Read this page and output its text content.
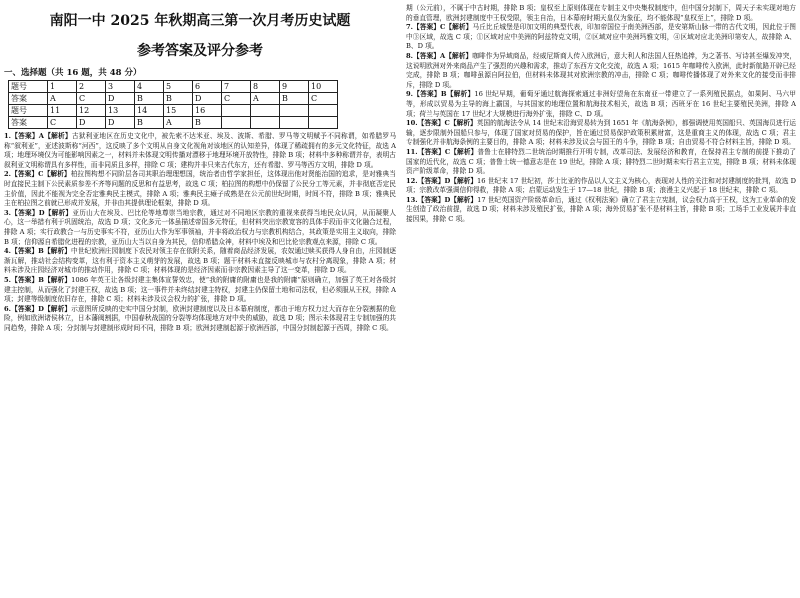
南阳一中 2025 年秋期高三第一次月考历史试题
参考答案及评分参考
一、选择题（共 16 题，共 48 分）
题号	1	2	3	4	5	6	7	8	9	10
答案	A	C	D	B	B	D	C	A	B	C
题号	11	12	13	14	15	16				
答案	C	D	D	B	A	B				

1.【答案】A【解析】古狱利亚地区在历史文化中，被先索不达米亚、埃及、波斯、希腊、罗马等文明赋予不同称谓，如希腊罗马称“叙利亚”，亚述波斯称“河西”，这反映了多个文明从自身文化视角对该地区的认知差异，体现了稀疏拥有的多元文化特征，故选 A 项；地理环境仅为可能影响因素之一，材料并未体现文明传播对漂移于地理环境开放特性，排除 B 项；材料中多种称谓并存，表明古叙利亚文明称谓具有多样性，而非同质且多样，排除 C 项；建构并非只来古代东方，还有希腊、罗马等西方文明，排除 D 项。

2.【答案】C【解析】柏拉图构想不同阶层各司其职治理理想国，统治者由哲学家担任，这体现出他对贤能治国的追求，是对雅典当时直接民主制下公民素质参差不齐等问题的反思和有益思考，故选 C 项；柏拉图的构想中仍保留了公民分工等元素，并非彻底否定民主价值，因此不能视为完全否定雅典民主模式，排除 A 项；雅典民主瘫子成熟是在公元前世纪时期，时间不符，排除 B 项；雅典民主在柏拉图之前就已形成并发展，并非由其提供理论框架，排除 D 项。

3.【答案】D【解析】亚历山大在埃及、巴比伦等地尊崇当地宗教，通过对不同地区宗教的重视来获得当地民众认同，从而凝聚人心，这一举措有利于巩固统治，故选 D 项；文化多元一体虽描述帝国多元特征，但材料突出宗教宽容的具体手段而非文化融合过程，排除 A 项；实行政教合一与历史事实不符，亚历山大作为军事领袖，并非将政治权力与宗教机构结合，其政策是实用主义取向，排除 B 项；信仰源自希腊化进程的宗教，亚历山大当以自身为其民，信仰希腊众神，材料中埃及和巴比伦宗教观点来源，排除 C 项。

4.【答案】B【解析】中世纪欧洲庄园制度下农民对领主存在依附关系，随着商品经济发展，农奴通过赎买获得人身自由，庄园制逐渐瓦解，推动社会结构变革，这有利于资本主义萌芽的发展，故选 B 项；题干材料未直接反映城市与农村分离现象，排除 A 项；材料未涉及庄园经济对城市的推动作用，排除 C 项；材料体现的是经济因素而非宗教因素主导了这一变革，排除 D 项。

5.【答案】B【解析】1086 年英王让各级封建主集体宣誓效忠，使“我的附庸的附庸也是我的附庸”原则确立，加强了英王对各级封建主控制，从而强化了封建王权，故选 B 项；这一事件并未终结封建主特权，封建主仍保留土地和司法权，但必须服从王权，排除 A 项；封建等级制度依旧存在，排除 C 项；材料未涉及议会权力的扩张，排除 D 项。

6.【答案】D【解析】示意图所反映的史实中国分封制，欧洲封建制度以及日本幕府制度，都由于地方权力过大而存在分裂割据的危险，例如欧洲诸侯林立，日本藩阀割据，中国春秋战国的分裂等均体现地方对中央的威胁，故选 D 项；图示未体现君主专制加强的共同趋势，排除 A 项；分封制与封建制形成时间不同，排除 B 项；欧洲封建制起源于欧洲西部，中国分封制起源于西周，排除 C 项。

期（公元前），不属于中古时期，排除 B 项；皇权至上原则体现在专制主义中央集权制度中，但中国分封制下，周天子未实现对地方的垂直管理，欧洲封建制度中王权受限，领主自治，日本幕府时期天皇仅为象征，均不能体现“皇权至上”，排除 D 项。

7.【答案】C【解析】马丘比丘城堡是印加文明的典型代表，印加帝国位于南美洲西部，是安第斯山脉一带的古代文明，因此位于图中③区域，故选 C 项；①区域对应中美洲的阿兹特克文明，②区域对应中美洲玛雅文明，④区域对应北美洲印第安人，故排除 A、B、D 项。

8.【答案】A【解析】咖啡作为异域商品，经威尼斯商人传入欧洲后，意大利人和法国人狂热追捧，为之著书、写诗甚至爆发冲突，这说明欧洲对外来商品产生了强烈的兴趣和需求，推动了东西方文化交流，故选 A 项；1615 年咖啡传入欧洲，此时新航路开辟已经完成，排除 B 项；咖啡虽源自阿拉伯，但材料未体现其对欧洲宗教的冲击，排除 C 项；咖啡传播体现了对外来文化的接受而非排斥，排除 D 项。

9.【答案】B【解析】16 世纪早期，葡萄牙通过航海探索通过非洲好望角在东南亚一带建立了一系列殖民据点，如果阿、马六甲等，形成以贸易为主导的海上霸国，与其国家的地理位置和航海技术相关，故选 B 项；西班牙在 16 世纪主要殖民美洲，排除 A 项；荷兰与英国在 17 世纪才大规模进行海外扩张，排除 C、D 项。

10.【答案】C【解析】英国的航海法令从 14 世纪末沿海贸易转为到 1651 年《航海条例》，都强调使用英国船只、英国海员进行运输，逐步限制外国船只参与，体现了国家对贸易的保护，旨在通过贸易保护政策积累财富，这是重商主义的体现，故选 C 项；君主专制强化并非航海条例的主要目的，排除 A 项；材料未涉及议会与国王的斗争，排除 B 项；自由贸易不符合材料主旨，排除 D 项。

11.【答案】C【解析】普鲁士在腓特烈二世统治时期推行开明专制，改革司法、发展经济和教育，在保持君主专制的前提下推动了国家的近代化，故选 C 项；普鲁士统一德意志是在 19 世纪，排除 A 项；腓特烈二世时期未实行君主立宪，排除 B 项；材料未体现资产阶级革命，排除 D 项。

12.【答案】D【解析】16 世纪末 17 世纪初，莎士比亚的作品以人文主义为核心，表现对人性的关注和对封建制度的批判，故选 D 项；宗教改革强调信仰得救，排除 A 项；启蒙运动发生于 17—18 世纪，排除 B 项；浪漫主义兴起于 18 世纪末，排除 C 项。

13.【答案】D【解析】17 世纪英国资产阶级革命后，通过《权利法案》确立了君主立宪制，议会权力高于王权，这为工业革命的发生创造了政治前提，故选 D 项；材料未涉及殖民扩张，排除 A 项；海外贸易扩张不是材料主旨，排除 B 项；工场手工业发展并非直接因果，排除 C 项。
